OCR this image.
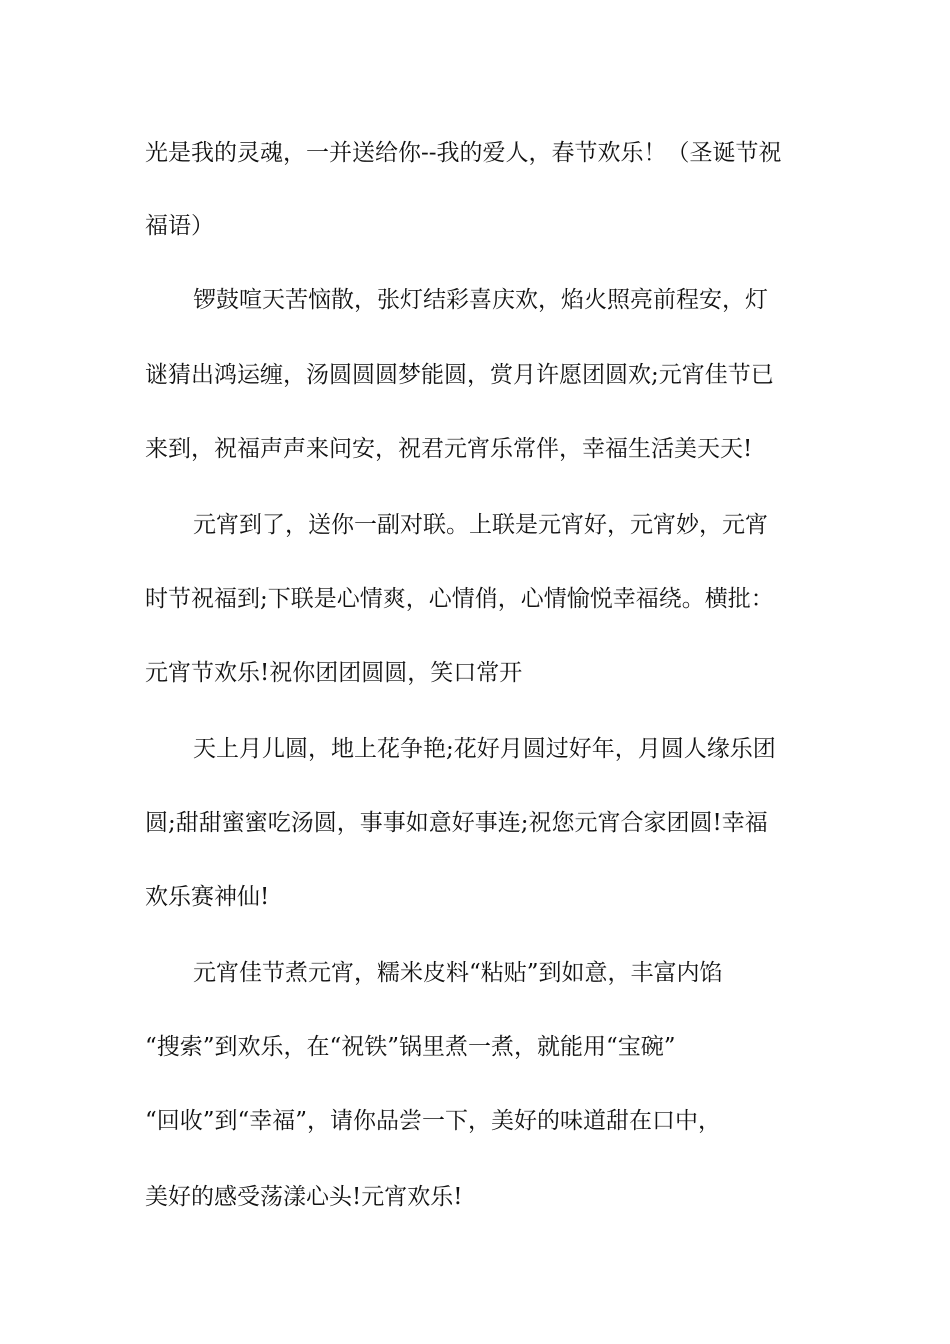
光是我的灵魂，一并送给你--我的爱人，春节欢乐！（圣诞节祝
福语）
锣鼓喧天苦恼散，张灯结彩喜庆欢，焰火照亮前程安，灯
谜猜出鸿运缠，汤圆圆圆梦能圆，赏月许愿团圆欢;元宵佳节已
来到，祝福声声来问安，祝君元宵乐常伴，幸福生活美天天!
元宵到了，送你一副对联。上联是元宵好，元宵妙，元宵
时节祝福到;下联是心情爽，心情俏，心情愉悦幸福绕。横批：
元宵节欢乐!祝你团团圆圆，笑口常开
天上月儿圆，地上花争艳;花好月圆过好年，月圆人缘乐团
圆;甜甜蜜蜜吃汤圆，事事如意好事连;祝您元宵合家团圆!幸福
欢乐赛神仙!
元宵佳节煮元宵，糯米皮料“粘贴”到如意，丰富内馅
“搜索”到欢乐，在“祝铁”锅里煮一煮，就能用“宝碗”
“回收”到“幸福”，请你品尝一下，美好的味道甜在口中，
美好的感受荡漾心头!元宵欢乐!
